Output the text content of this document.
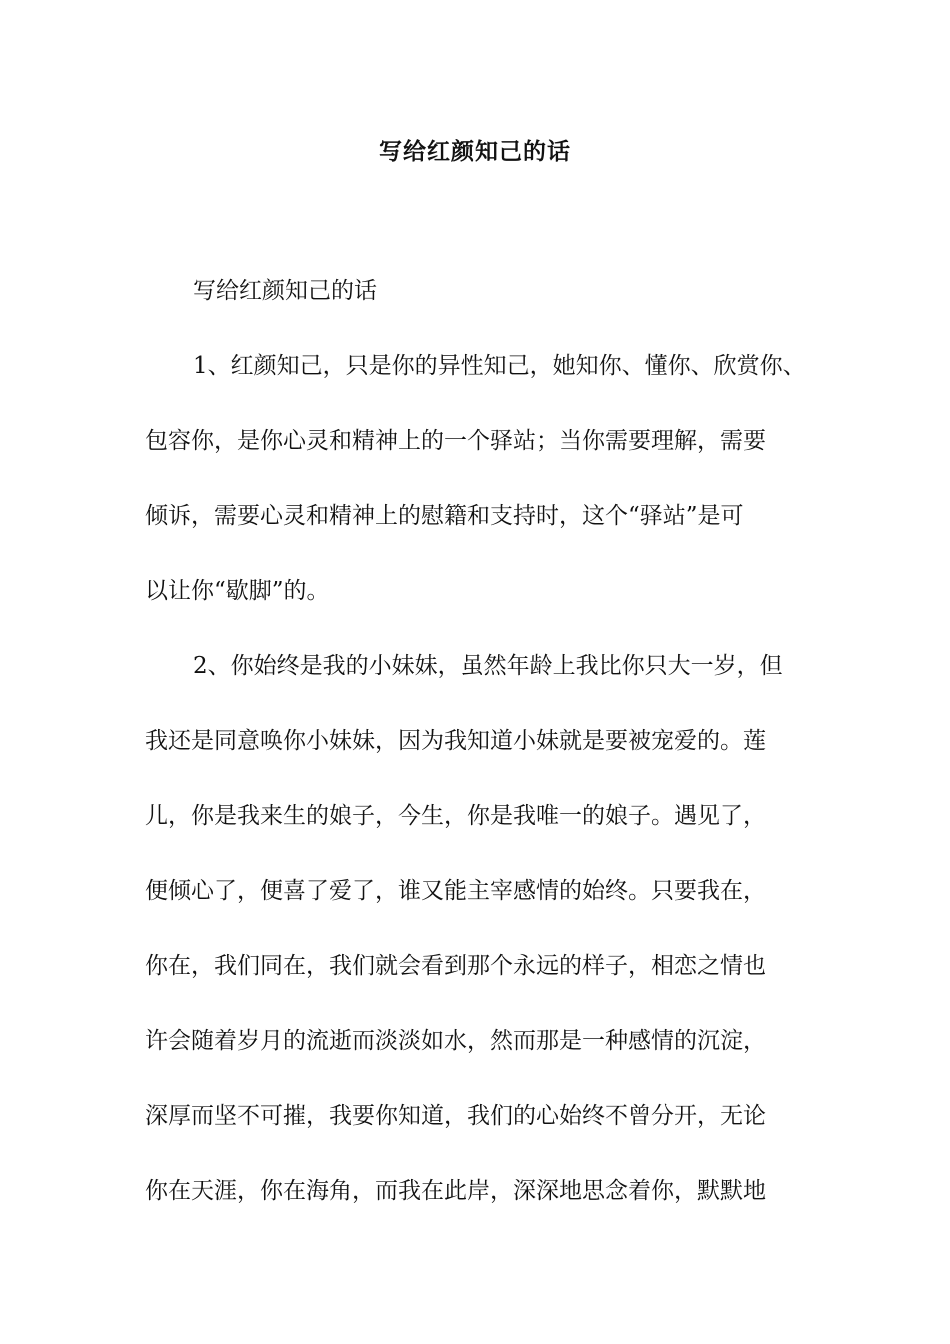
写给红颜知己的话
写给红颜知己的话
1、红颜知己，只是你的异性知己，她知你、懂你、欣赏你、
包容你，是你心灵和精神上的一个驿站；当你需要理解，需要
倾诉，需要心灵和精神上的慰籍和支持时，这个“驿站”是可
以让你“歇脚”的。
2、你始终是我的小妹妹，虽然年龄上我比你只大一岁，但
我还是同意唤你小妹妹，因为我知道小妹就是要被宠爱的。莲
儿，你是我来生的娘子，今生，你是我唯一的娘子。遇见了，
便倾心了，便喜了爱了，谁又能主宰感情的始终。只要我在，
你在，我们同在，我们就会看到那个永远的样子，相恋之情也
许会随着岁月的流逝而淡淡如水，然而那是一种感情的沉淀，
深厚而坚不可摧，我要你知道，我们的心始终不曾分开，无论
你在天涯，你在海角，而我在此岸，深深地思念着你，默默地
